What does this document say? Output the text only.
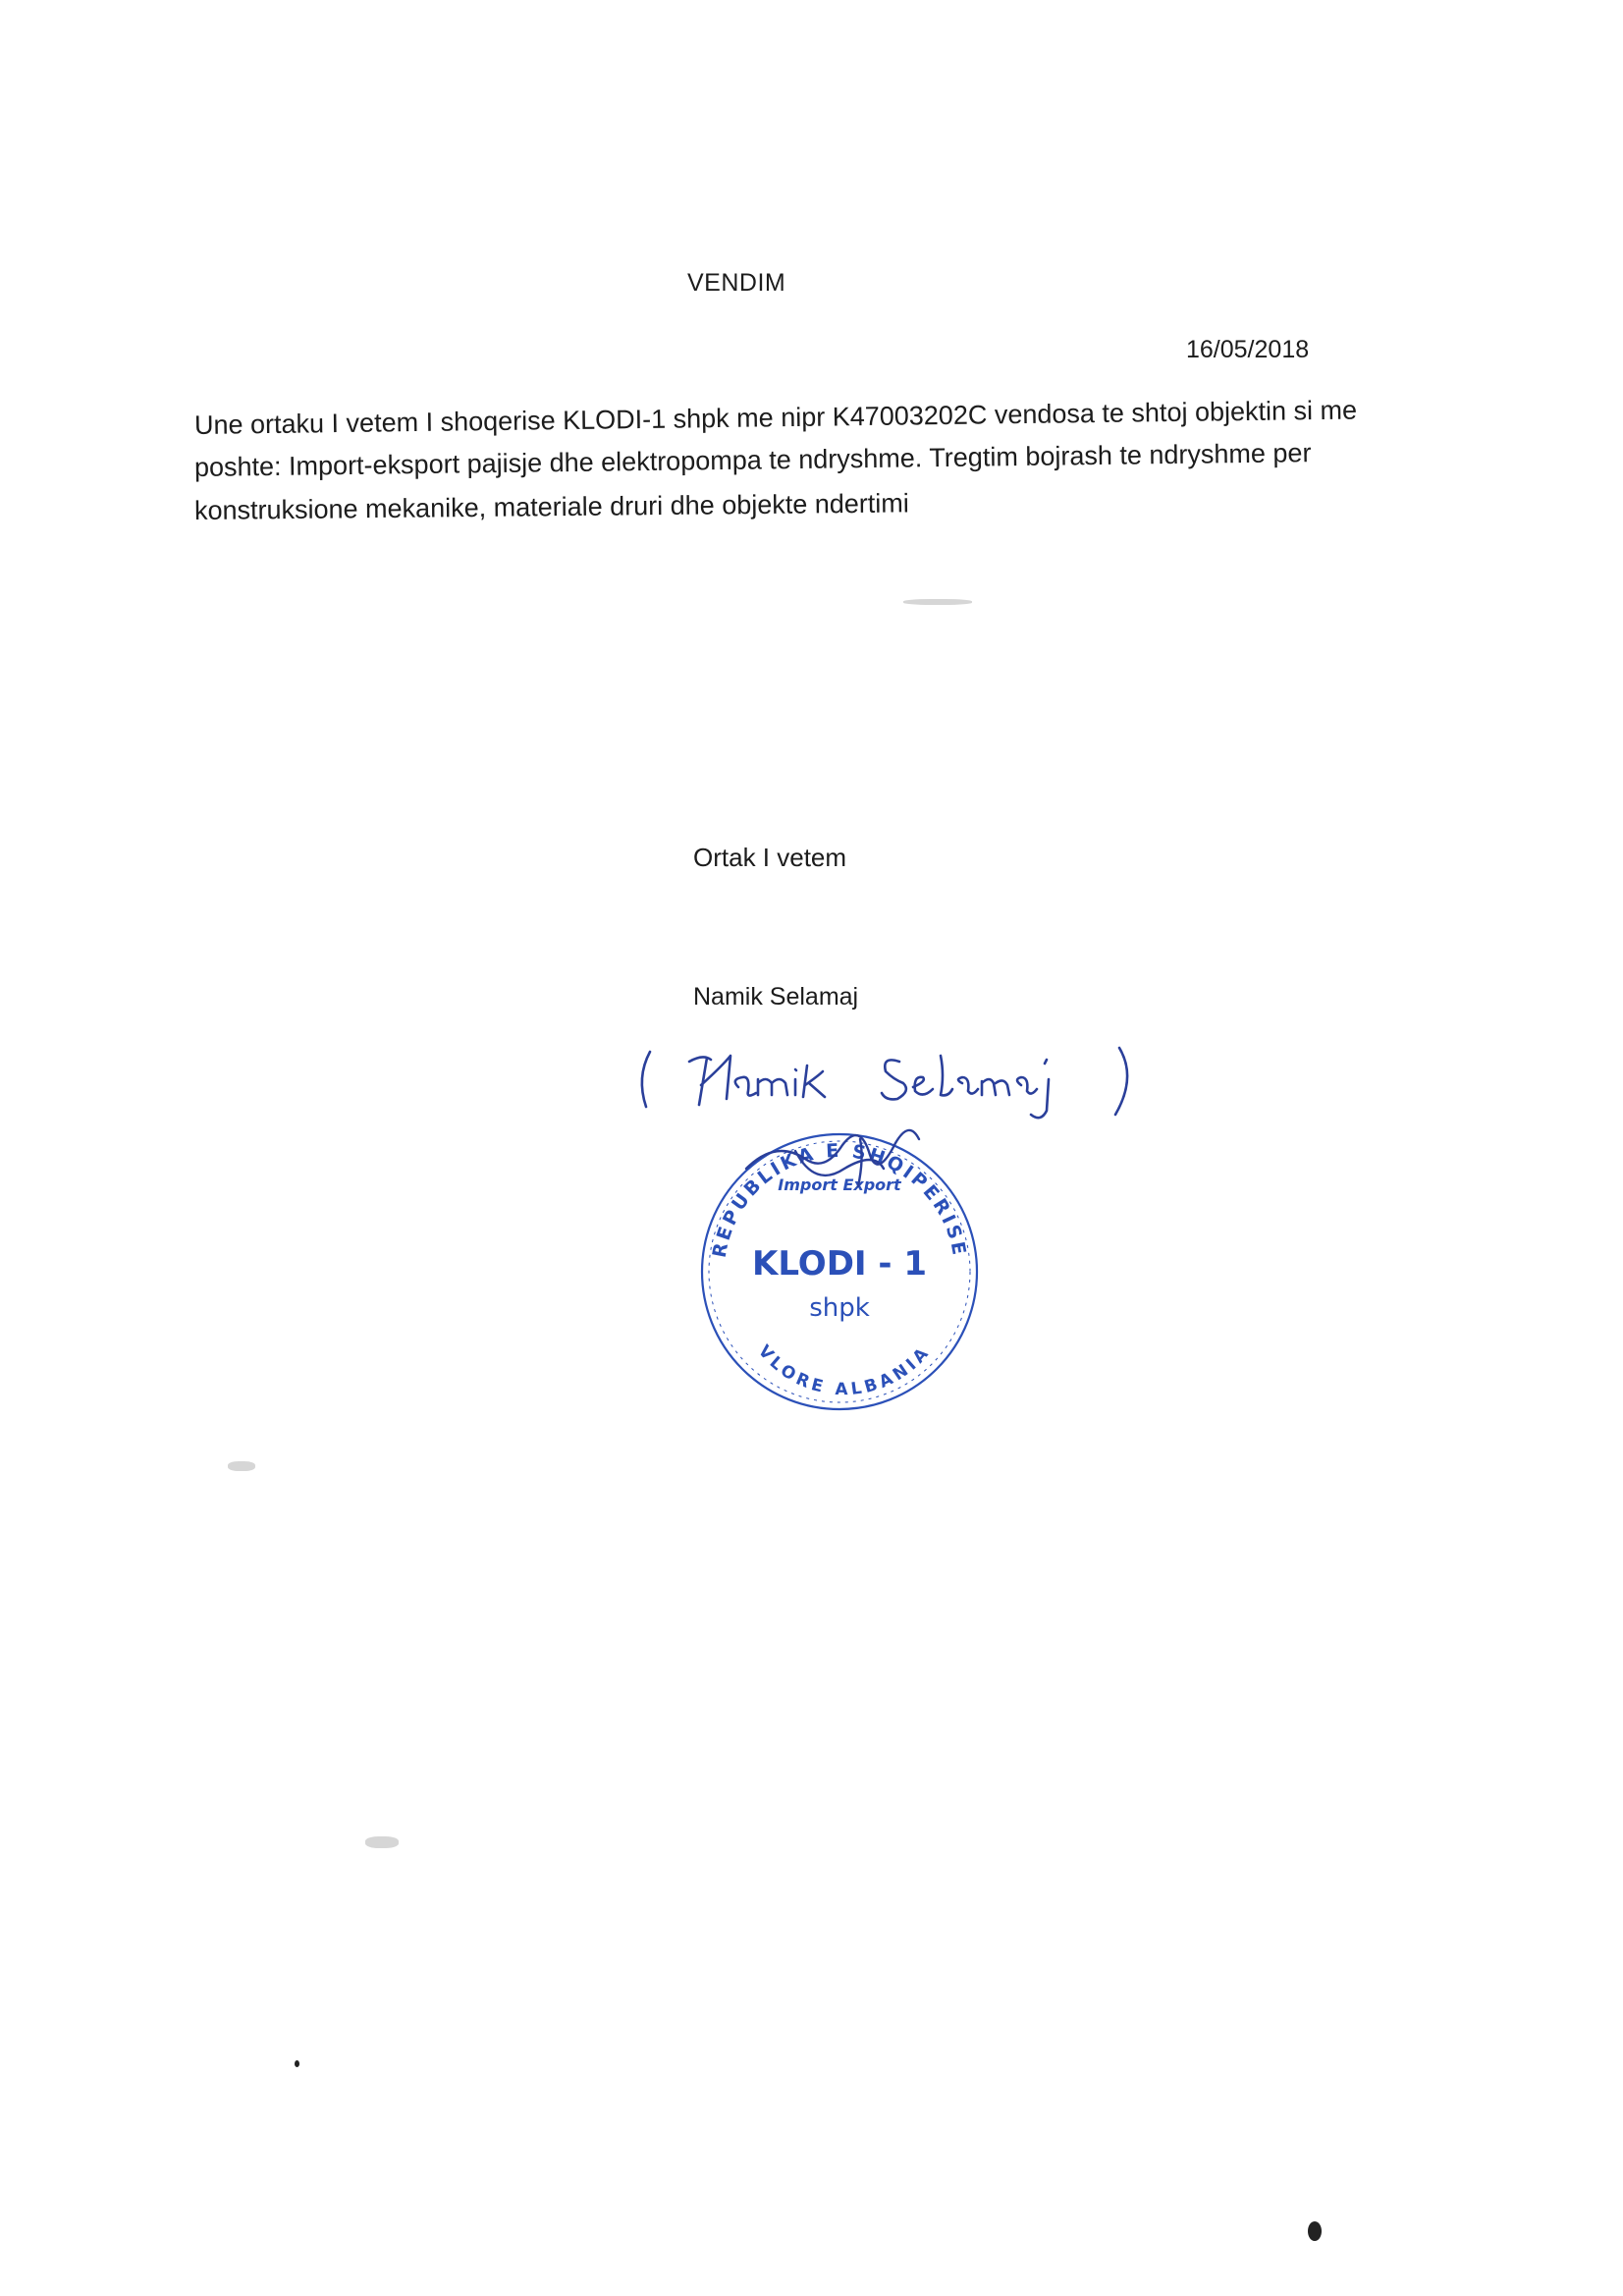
VENDIM
16/05/2018
Une ortaku I vetem I shoqerise KLODI-1 shpk me nipr K47003202C vendosa te shtoj objektin si me
poshte: Import-eksport pajisje dhe elektropompa te ndryshme. Tregtim bojrash te ndryshme per
konstruksione mekanike, materiale druri dhe objekte ndertimi
Ortak I vetem
Namik Selamaj
REPUBLIKA E SHQIPERISE
Import Export
KLODI - 1
shpk
VLORE ALBANIA
